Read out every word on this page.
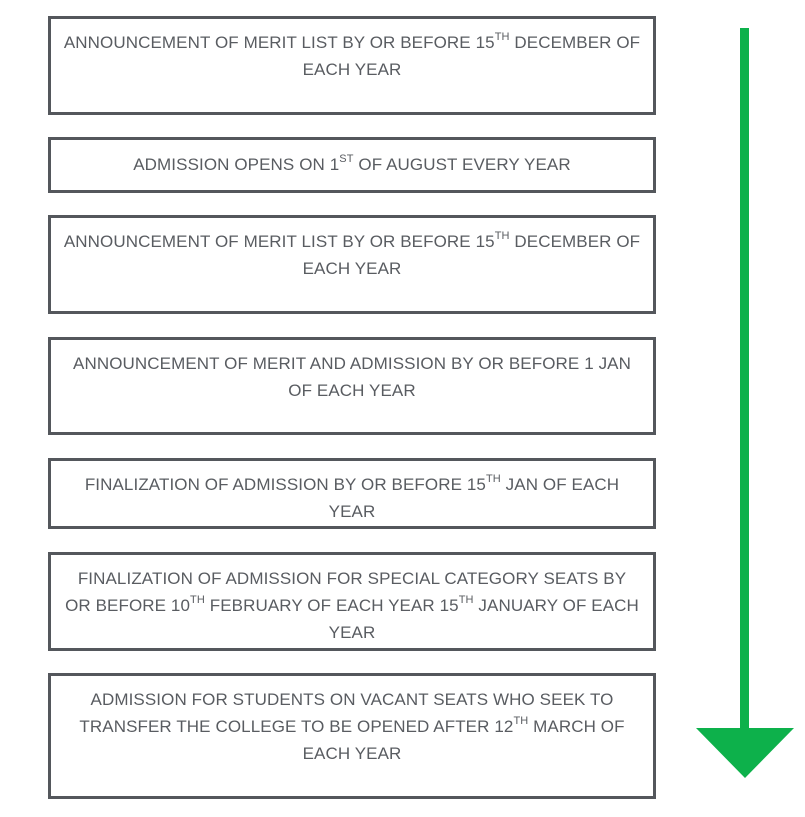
ANNOUNCEMENT OF MERIT LIST BY OR BEFORE 15TH DECEMBER OF EACH YEAR
ADMISSION OPENS ON 1ST OF AUGUST EVERY YEAR
ANNOUNCEMENT OF MERIT LIST BY OR BEFORE 15TH DECEMBER OF EACH YEAR
ANNOUNCEMENT OF MERIT AND ADMISSION BY OR BEFORE 1 JAN OF EACH YEAR
FINALIZATION OF ADMISSION BY OR BEFORE 15TH JAN OF EACH YEAR
FINALIZATION OF ADMISSION FOR SPECIAL CATEGORY SEATS BY OR BEFORE 10TH FEBRUARY OF EACH YEAR 15TH JANUARY OF EACH YEAR
ADMISSION FOR STUDENTS ON VACANT SEATS WHO SEEK TO TRANSFER THE COLLEGE TO BE OPENED AFTER 12TH MARCH OF EACH YEAR
